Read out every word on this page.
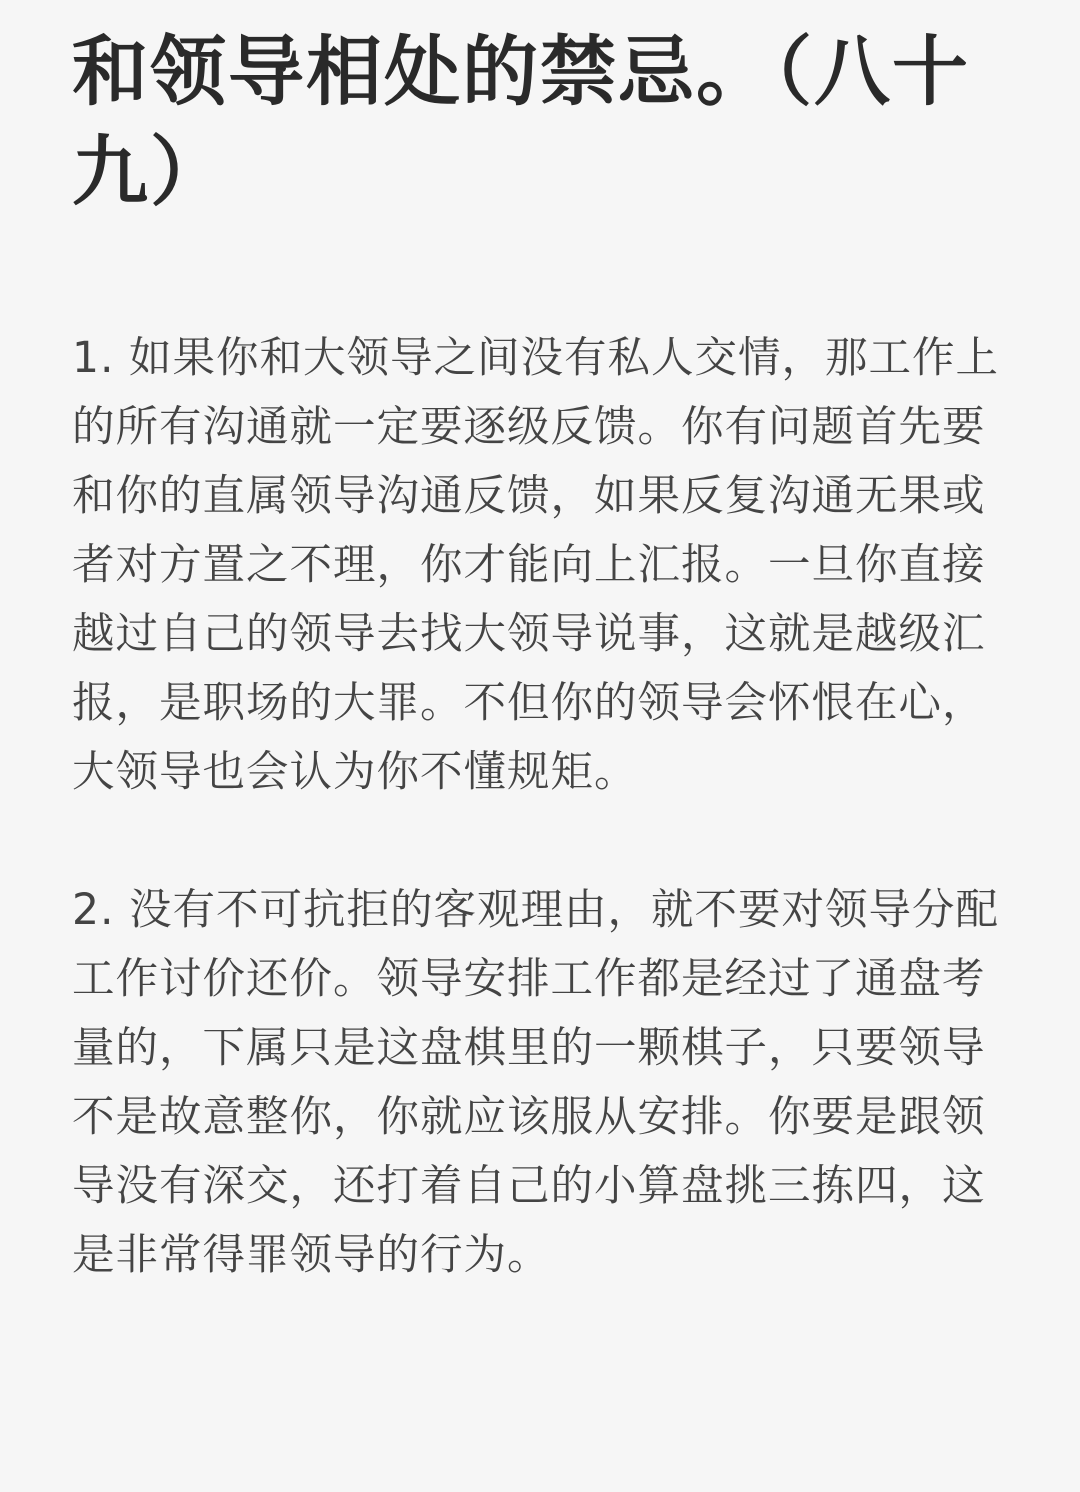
和领导相处的禁忌。（八十九）

1. 如果你和大领导之间没有私人交情，那工作上的所有沟通就一定要逐级反馈。你有问题首先要和你的直属领导沟通反馈，如果反复沟通无果或者对方置之不理，你才能向上汇报。一旦你直接越过自己的领导去找大领导说事，这就是越级汇报，是职场的大罪。不但你的领导会怀恨在心，大领导也会认为你不懂规矩。

2. 没有不可抗拒的客观理由，就不要对领导分配工作讨价还价。领导安排工作都是经过了通盘考量的，下属只是这盘棋里的一颗棋子，只要领导不是故意整你，你就应该服从安排。你要是跟领导没有深交，还打着自己的小算盘挑三拣四，这是非常得罪领导的行为。
